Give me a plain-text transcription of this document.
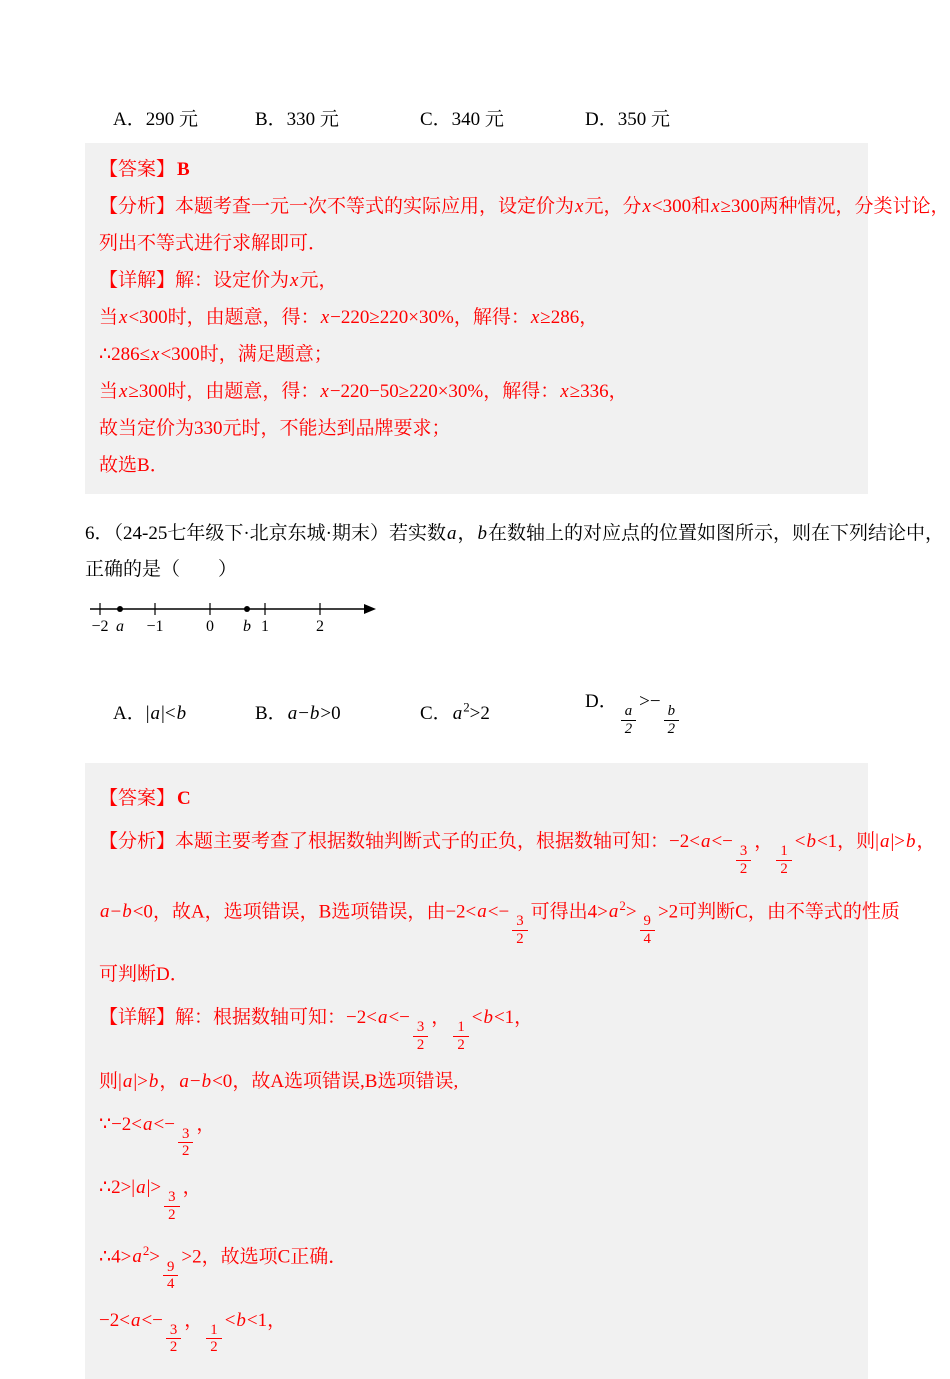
A．290 元	B．330 元	C．340 元	D．350 元
【答案】 B
【分析】本题考查一元一次不等式的实际应用，设定价为x元，分x<300和x≥300两种情况，分类讨论，
列出不等式进行求解即可．
【详解】解：设定价为x元，
当x<300时，由题意，得：x−220≥220×30%，解得：x≥286，
∴286≤x<300时，满足题意；
当x≥300时，由题意，得：x−220−50≥220×30%，解得：x≥336，
故当定价为330元时，不能达到品牌要求；
故选B．
6．（24-25七年级下·北京东城·期末）若实数a，b在数轴上的对应点的位置如图所示，则在下列结论中，
正确的是（　　）
−2 a −1	0 b 1	2
A．|a|<b	B．a−b>0	C．$a^2>2$
D．
$\frac{a}{2}$
>−
$\frac{b}{2}$
【答案】 C
【分析】本题主要考查了根据数轴判断式子的正负，根据数轴可知：−2<a<−
$\frac{3}{2}$
，
$\frac{1}{2}$
<b<1，则|a|>b，
a−b<0，故A，选项错误，B选项错误，由−2<a<−
$\frac{3}{2}$
可得出$4>a^2>$
$\frac{9}{4}$
>2可判断C，由不等式的性质
可判断D．
【详解】解：根据数轴可知：−2<a<−
$\frac{3}{2}$
，
$\frac{1}{2}$
<b<1，
则|a|>b，a−b<0，故A选项错误,B选项错误,
∵−2<a<−
$\frac{3}{2}$
，
∴2>|a|>
$\frac{3}{2}$
，
$\therefore 4>a^2>$
$\frac{9}{4}$
>2，故选项C正确．
−2<a<−
$\frac{3}{2}$
，
$\frac{1}{2}$
<b<1，
